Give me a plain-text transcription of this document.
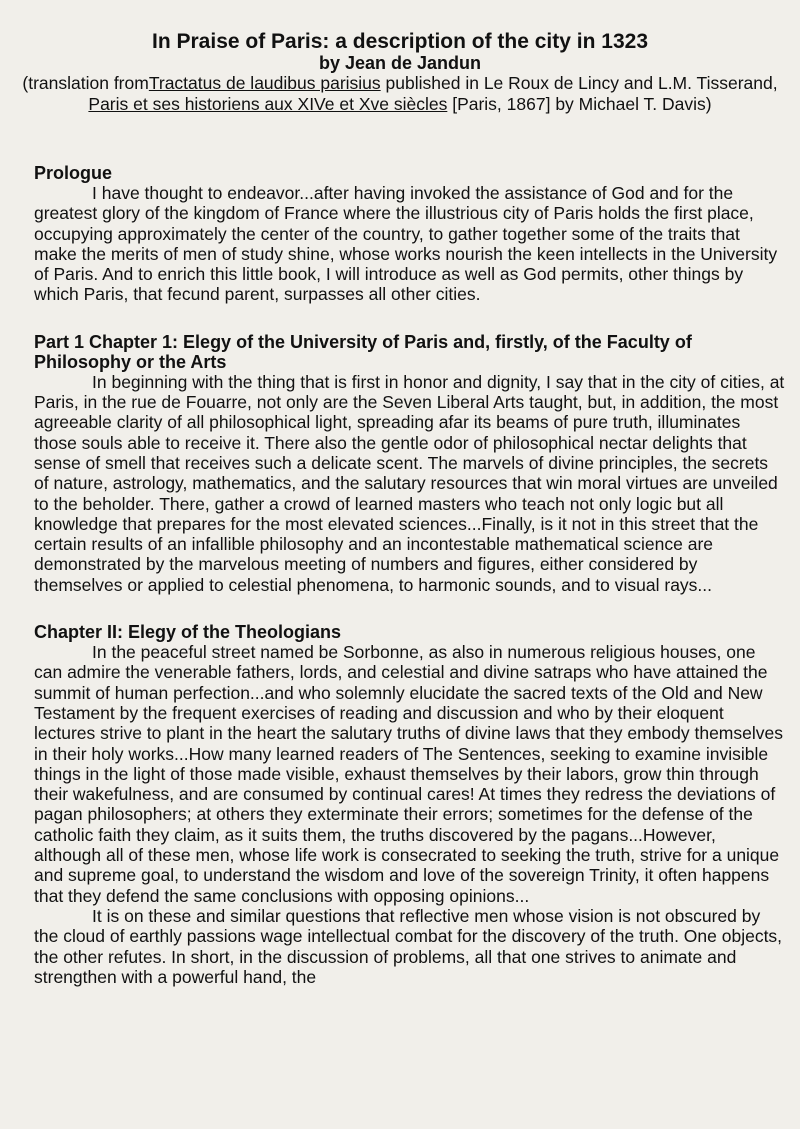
In Praise of Paris: a description of the city in 1323

by Jean de Jandun

(translation fromTractatus de laudibus parisius published in Le Roux de Lincy and L.M. Tisserand, Paris et ses historiens aux XIVe et Xve siècles [Paris, 1867] by Michael T. Davis)

Prologue

I have thought to endeavor...after having invoked the assistance of God and for the greatest glory of the kingdom of France where the illustrious city of Paris holds the first place, occupying approximately the center of the country, to gather together some of the traits that make the merits of men of study shine, whose works nourish the keen intellects in the University of Paris. And to enrich this little book, I will introduce as well as God permits, other things by which Paris, that fecund parent, surpasses all other cities.

Part 1 Chapter 1: Elegy of the University of Paris and, firstly, of the Faculty of Philosophy or the Arts

In beginning with the thing that is first in honor and dignity, I say that in the city of cities, at Paris, in the rue de Fouarre, not only are the Seven Liberal Arts taught, but, in addition, the most agreeable clarity of all philosophical light, spreading afar its beams of pure truth, illuminates those souls able to receive it. There also the gentle odor of philosophical nectar delights that sense of smell that receives such a delicate scent. The marvels of divine principles, the secrets of nature, astrology, mathematics, and the salutary resources that win moral virtues are unveiled to the beholder. There, gather a crowd of learned masters who teach not only logic but all knowledge that prepares for the most elevated sciences...Finally, is it not in this street that the certain results of an infallible philosophy and an incontestable mathematical science are demonstrated by the marvelous meeting of numbers and figures, either considered by themselves or applied to celestial phenomena, to harmonic sounds, and to visual rays...

Chapter II: Elegy of the Theologians

In the peaceful street named be Sorbonne, as also in numerous religious houses, one can admire the venerable fathers, lords, and celestial and divine satraps who have attained the summit of human perfection...and who solemnly elucidate the sacred texts of the Old and New Testament by the frequent exercises of reading and discussion and who by their eloquent lectures strive to plant in the heart the salutary truths of divine laws that they embody themselves in their holy works...How many learned readers of The Sentences, seeking to examine invisible things in the light of those made visible, exhaust themselves by their labors, grow thin through their wakefulness, and are consumed by continual cares! At times they redress the deviations of pagan philosophers; at others they exterminate their errors; sometimes for the defense of the catholic faith they claim, as it suits them, the truths discovered by the pagans...However, although all of these men, whose life work is consecrated to seeking the truth, strive for a unique and supreme goal, to understand the wisdom and love of the sovereign Trinity, it often happens that they defend the same conclusions with opposing opinions...

It is on these and similar questions that reflective men whose vision is not obscured by the cloud of earthly passions wage intellectual combat for the discovery of the truth. One objects, the other refutes. In short, in the discussion of problems, all that one strives to animate and strengthen with a powerful hand, the
